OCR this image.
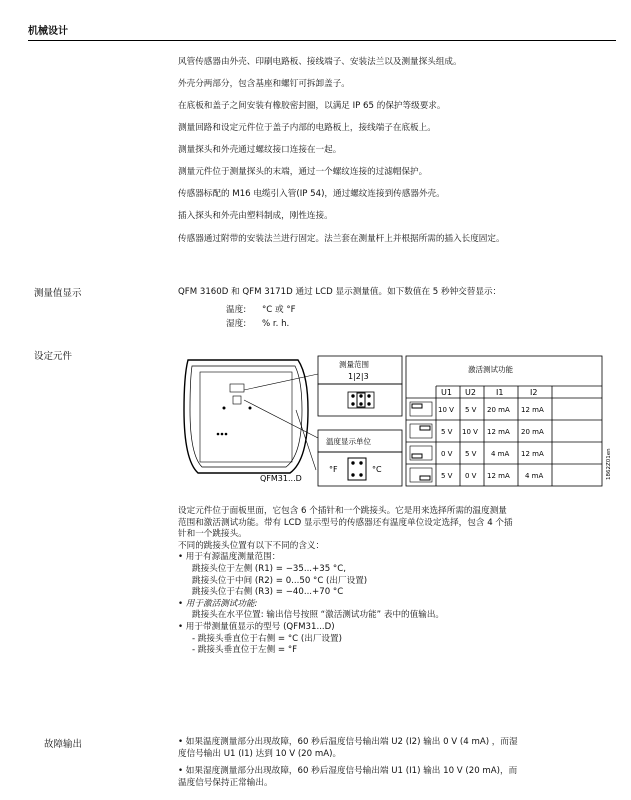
机械设计
风管传感器由外壳、印刷电路板、接线端子、安装法兰以及测量探头组成。
外壳分两部分，包含基座和螺钉可拆卸盖子。
在底板和盖子之间安装有橡胶密封圈，以满足 IP 65 的保护等级要求。
测量回路和设定元件位于盖子内部的电路板上，接线端子在底板上。
测量探头和外壳通过螺纹接口连接在一起。
测量元件位于测量探头的末端，通过一个螺纹连接的过滤帽保护。
传感器标配的 M16 电缆引入管(IP 54)，通过螺纹连接到传感器外壳。
插入探头和外壳由塑料制成，刚性连接。
传感器通过附带的安装法兰进行固定。法兰套在测量杆上并根据所需的插入长度固定。
测量值显示	QFM 3160D 和 QFM 3171D 通过 LCD 显示测量值。如下数值在 5 秒钟交替显示：
温度: °C 或 °F
湿度: % r. h.
设定元件
QFM31...D
测量范围
1|2|3
温度显示单位
°F	°C
激活测试功能
U1 U2	I1	I2
10 V 5 V 20 mA 12 mA
5 V 10 V 12 mA 20 mA
0 V 5 V 4 mA 12 mA
5 V 0 V 12 mA 4 mA	1862Z01en
设定元件位于面板里面，它包含 6 个插针和一个跳接头。它是用来选择所需的温度测量
范围和激活测试功能。带有 LCD 显示型号的传感器还有温度单位设定选择，包含 4 个插
针和一个跳接头。
不同的跳接头位置有以下不同的含义：
• 用于有源温度测量范围：
跳接头位于左侧 (R1) = −35...+35 °C,
跳接头位于中间 (R2) = 0...50 °C (出厂设置)
跳接头位于右侧 (R3) = −40...+70 °C
• 用于激活测试功能:
跳接头在水平位置: 输出信号按照 “激活测试功能” 表中的值输出。
• 用于带测量值显示的型号 (QFM31...D)
- 跳接头垂直位于右侧 = °C (出厂设置)
- 跳接头垂直位于左侧 = °F
故障输出	• 如果温度测量部分出现故障，60 秒后温度信号输出端 U2 (I2) 输出 0 V (4 mA) ，而湿
度信号输出 U1 (I1) 达到 10 V (20 mA)。
• 如果湿度测量部分出现故障，60 秒后湿度信号输出端 U1 (I1) 输出 10 V (20 mA)，而
温度信号保持正常输出。
